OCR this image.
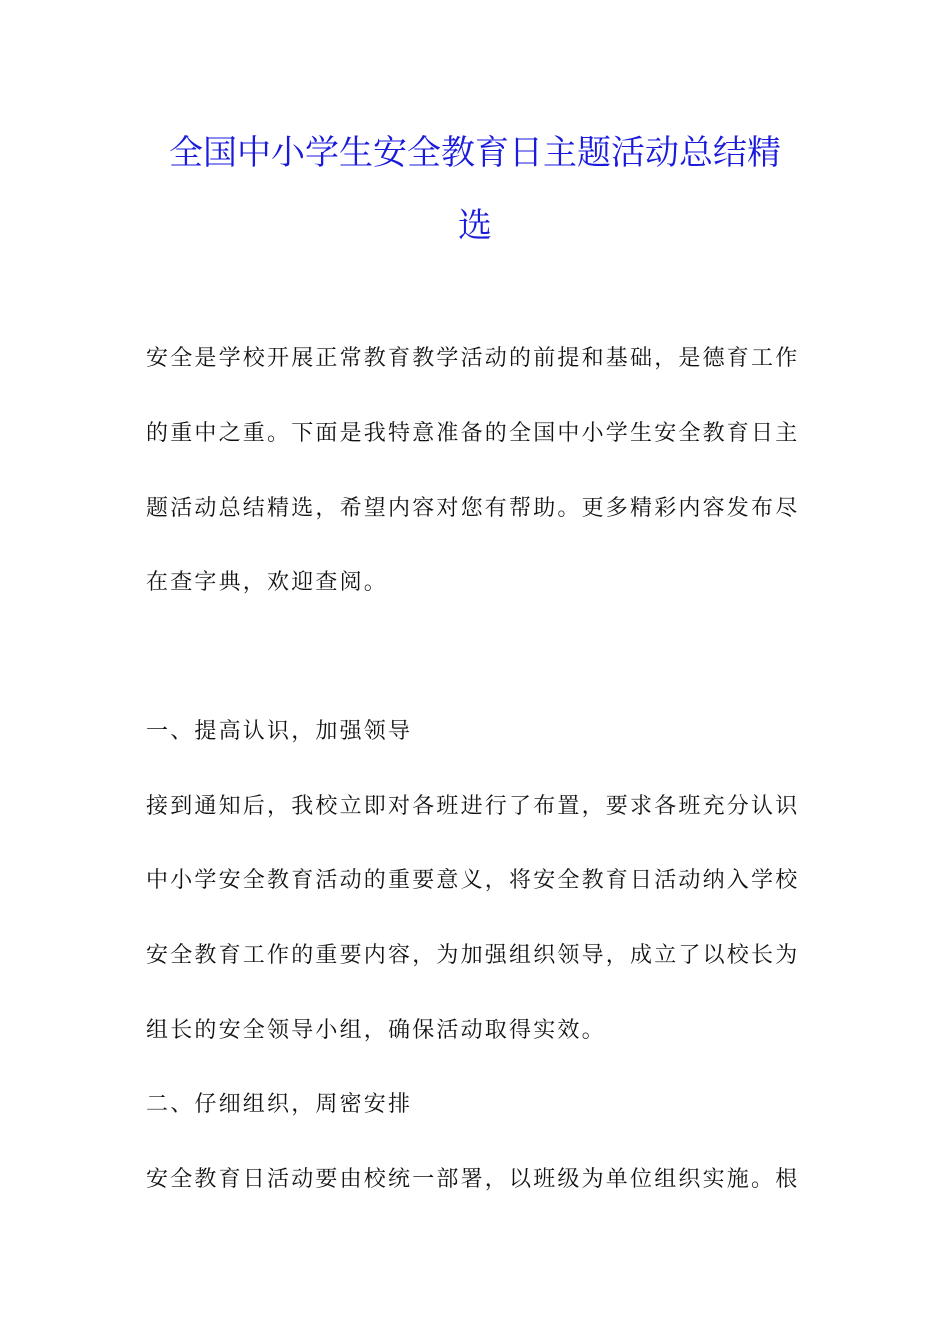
全国中小学生安全教育日主题活动总结精
选

安全是学校开展正常教育教学活动的前提和基础，是德育工作

的重中之重。下面是我特意准备的全国中小学生安全教育日主

题活动总结精选，希望内容对您有帮助。更多精彩内容发布尽

在查字典，欢迎查阅。

一、提高认识，加强领导

接到通知后，我校立即对各班进行了布置，要求各班充分认识

中小学安全教育活动的重要意义，将安全教育日活动纳入学校

安全教育工作的重要内容，为加强组织领导，成立了以校长为

组长的安全领导小组，确保活动取得实效。

二、仔细组织，周密安排

安全教育日活动要由校统一部署，以班级为单位组织实施。根
